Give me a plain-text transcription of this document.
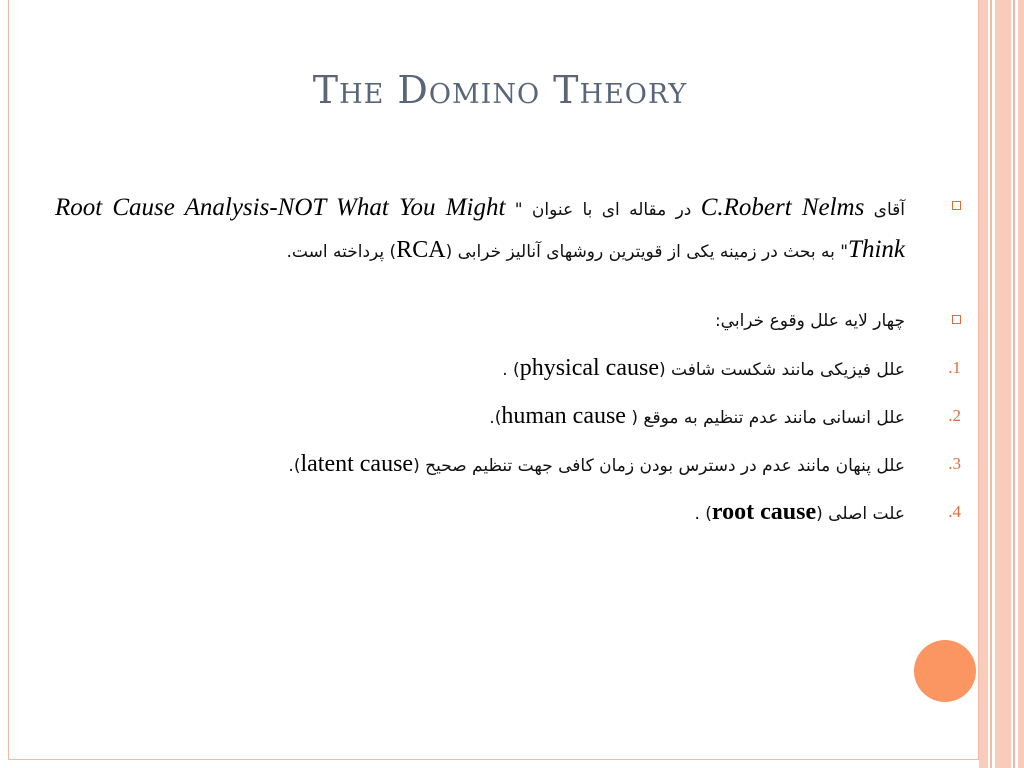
The Domino Theory

آقای C.Robert Nelms در مقاله ای با عنوان " Root Cause Analysis-NOT What You Might Think" به بحث در زمینه یکی از قویترین روشهای آنالیز خرابی (RCA) پرداخته است.

چهار لایه علل وقوع خرابي:

1.
علل فیزیکی مانند شکست شافت (physical cause) .
2.
علل انسانی مانند عدم تنظیم به موقع ( human cause).
3.
علل پنهان مانند عدم در دسترس بودن زمان کافی جهت تنظیم صحیح (latent cause).
4.
علت اصلی (root cause) .
